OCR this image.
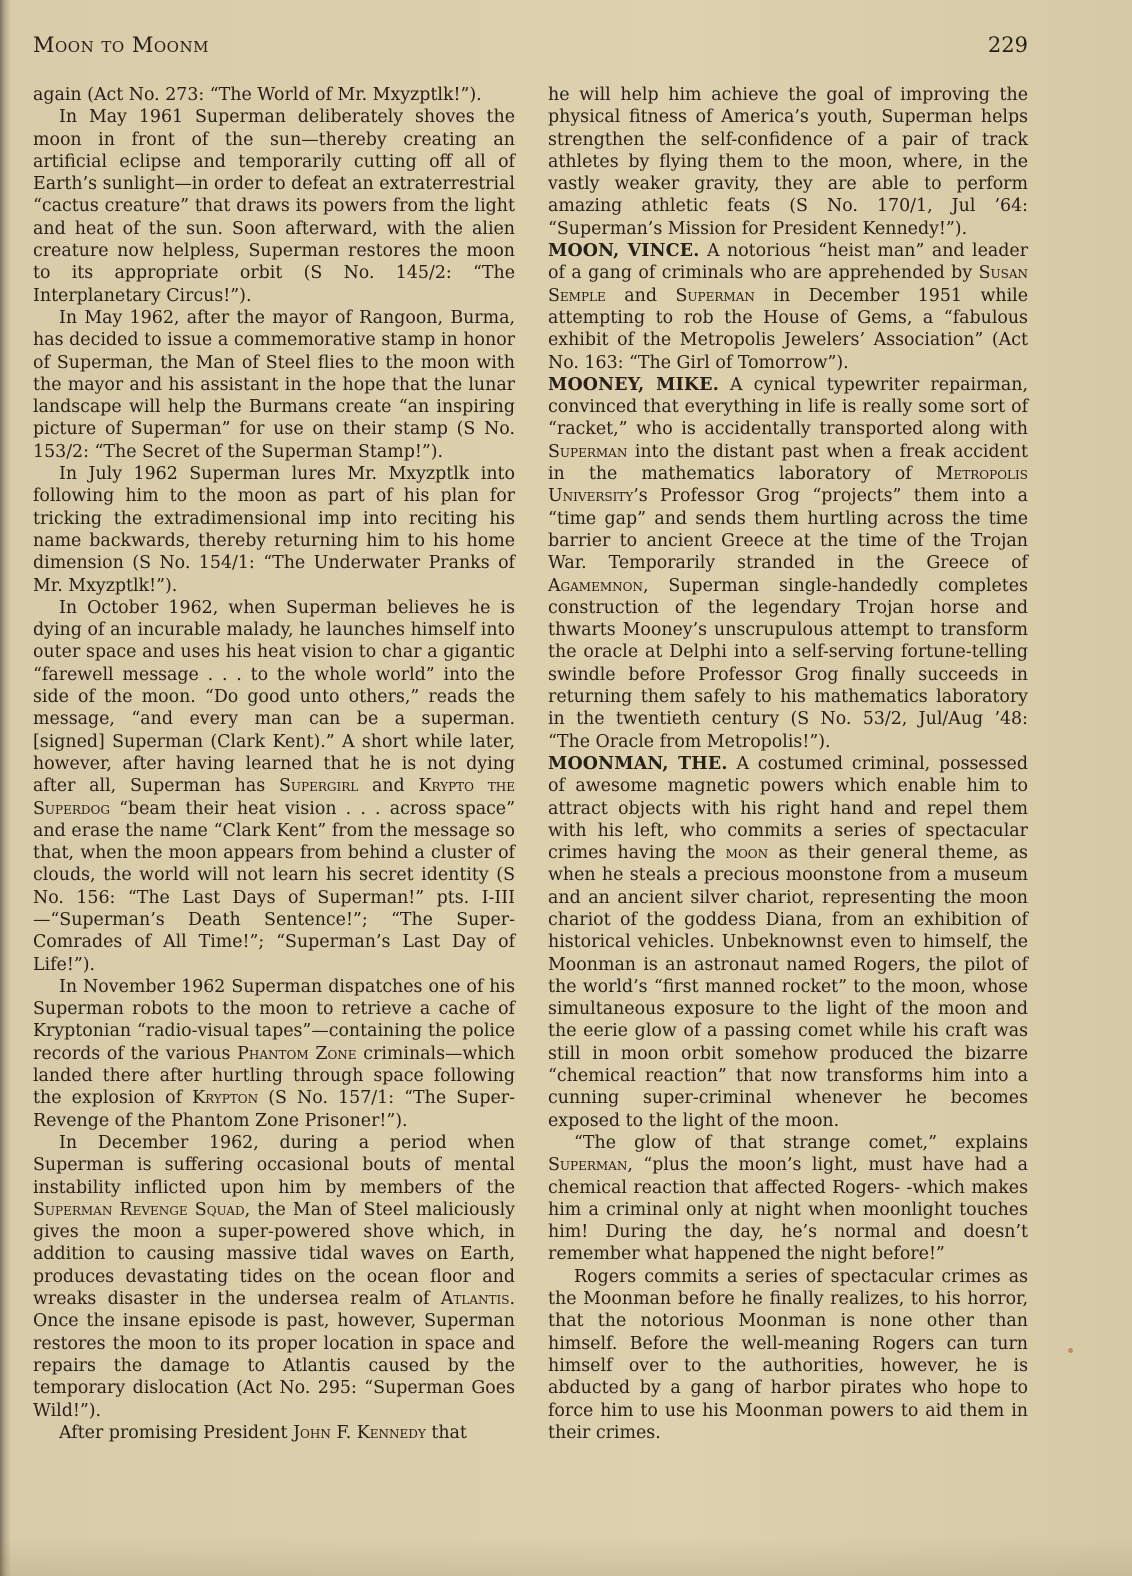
Moon to Moonm	229

again (Act No. 273: “The World of Mr. Mxyzptlk!”).

In May 1961 Superman deliberately shoves the moon in front of the sun—thereby creating an artificial eclipse and temporarily cutting off all of Earth’s sunlight—in order to defeat an extraterrestrial “cactus creature” that draws its powers from the light and heat of the sun. Soon afterward, with the alien creature now helpless, Superman restores the moon to its appropriate orbit (S No. 145/2: “The Interplanetary Circus!”).

In May 1962, after the mayor of Rangoon, Burma, has decided to issue a commemorative stamp in honor of Superman, the Man of Steel flies to the moon with the mayor and his assistant in the hope that the lunar landscape will help the Burmans create “an inspiring picture of Superman” for use on their stamp (S No. 153/2: “The Secret of the Superman Stamp!”).

In July 1962 Superman lures Mr. Mxyzptlk into following him to the moon as part of his plan for tricking the extradimensional imp into reciting his name backwards, thereby returning him to his home dimension (S No. 154/1: “The Underwater Pranks of Mr. Mxyzptlk!”).

In October 1962, when Superman believes he is dying of an incurable malady, he launches himself into outer space and uses his heat vision to char a gigantic “farewell message . . . to the whole world” into the side of the moon. “Do good unto others,” reads the message, “and every man can be a superman. [signed] Superman (Clark Kent).” A short while later, however, after having learned that he is not dying after all, Superman has Supergirl and Krypto the Superdog “beam their heat vision . . . across space” and erase the name “Clark Kent” from the message so that, when the moon appears from behind a cluster of clouds, the world will not learn his secret identity (S No. 156: “The Last Days of Superman!” pts. I-III—“Superman’s Death Sentence!”; “The Super-Comrades of All Time!”; “Superman’s Last Day of Life!”).

In November 1962 Superman dispatches one of his Superman robots to the moon to retrieve a cache of Kryptonian “radio-visual tapes”—containing the police records of the various Phantom Zone criminals—which landed there after hurtling through space following the explosion of Krypton (S No. 157/1: “The Super-Revenge of the Phantom Zone Prisoner!”).

In December 1962, during a period when Superman is suffering occasional bouts of mental instability inflicted upon him by members of the Superman Revenge Squad, the Man of Steel maliciously gives the moon a super-powered shove which, in addition to causing massive tidal waves on Earth, produces devastating tides on the ocean floor and wreaks disaster in the undersea realm of Atlantis. Once the insane episode is past, however, Superman restores the moon to its proper location in space and repairs the damage to Atlantis caused by the temporary dislocation (Act No. 295: “Superman Goes Wild!”).

After promising President John F. Kennedy that

he will help him achieve the goal of improving the physical fitness of America’s youth, Superman helps strengthen the self-confidence of a pair of track athletes by flying them to the moon, where, in the vastly weaker gravity, they are able to perform amazing athletic feats (S No. 170/1, Jul ’64: “Superman’s Mission for President Kennedy!”).

MOON, VINCE. A notorious “heist man” and leader of a gang of criminals who are apprehended by Susan Semple and Superman in December 1951 while attempting to rob the House of Gems, a “fabulous exhibit of the Metropolis Jewelers’ Association” (Act No. 163: “The Girl of Tomorrow”).

MOONEY, MIKE. A cynical typewriter repairman, convinced that everything in life is really some sort of “racket,” who is accidentally transported along with Superman into the distant past when a freak accident in the mathematics laboratory of Metropolis University’s Professor Grog “projects” them into a “time gap” and sends them hurtling across the time barrier to ancient Greece at the time of the Trojan War. Temporarily stranded in the Greece of Agamemnon, Superman single-handedly completes construction of the legendary Trojan horse and thwarts Mooney’s unscrupulous attempt to transform the oracle at Delphi into a self-serving fortune-telling swindle before Professor Grog finally succeeds in returning them safely to his mathematics laboratory in the twentieth century (S No. 53/2, Jul/Aug ’48: “The Oracle from Metropolis!”).

MOONMAN, THE. A costumed criminal, possessed of awesome magnetic powers which enable him to attract objects with his right hand and repel them with his left, who commits a series of spectacular crimes having the moon as their general theme, as when he steals a precious moonstone from a museum and an ancient silver chariot, representing the moon chariot of the goddess Diana, from an exhibition of historical vehicles. Unbeknownst even to himself, the Moonman is an astronaut named Rogers, the pilot of the world’s “first manned rocket” to the moon, whose simultaneous exposure to the light of the moon and the eerie glow of a passing comet while his craft was still in moon orbit somehow produced the bizarre “chemical reaction” that now transforms him into a cunning super-criminal whenever he becomes exposed to the light of the moon.

“The glow of that strange comet,” explains Superman, “plus the moon’s light, must have had a chemical reaction that affected Rogers- -which makes him a criminal only at night when moonlight touches him! During the day, he’s normal and doesn’t remember what happened the night before!”

Rogers commits a series of spectacular crimes as the Moonman before he finally realizes, to his horror, that the notorious Moonman is none other than himself. Before the well-meaning Rogers can turn himself over to the authorities, however, he is abducted by a gang of harbor pirates who hope to force him to use his Moonman powers to aid them in their crimes.
